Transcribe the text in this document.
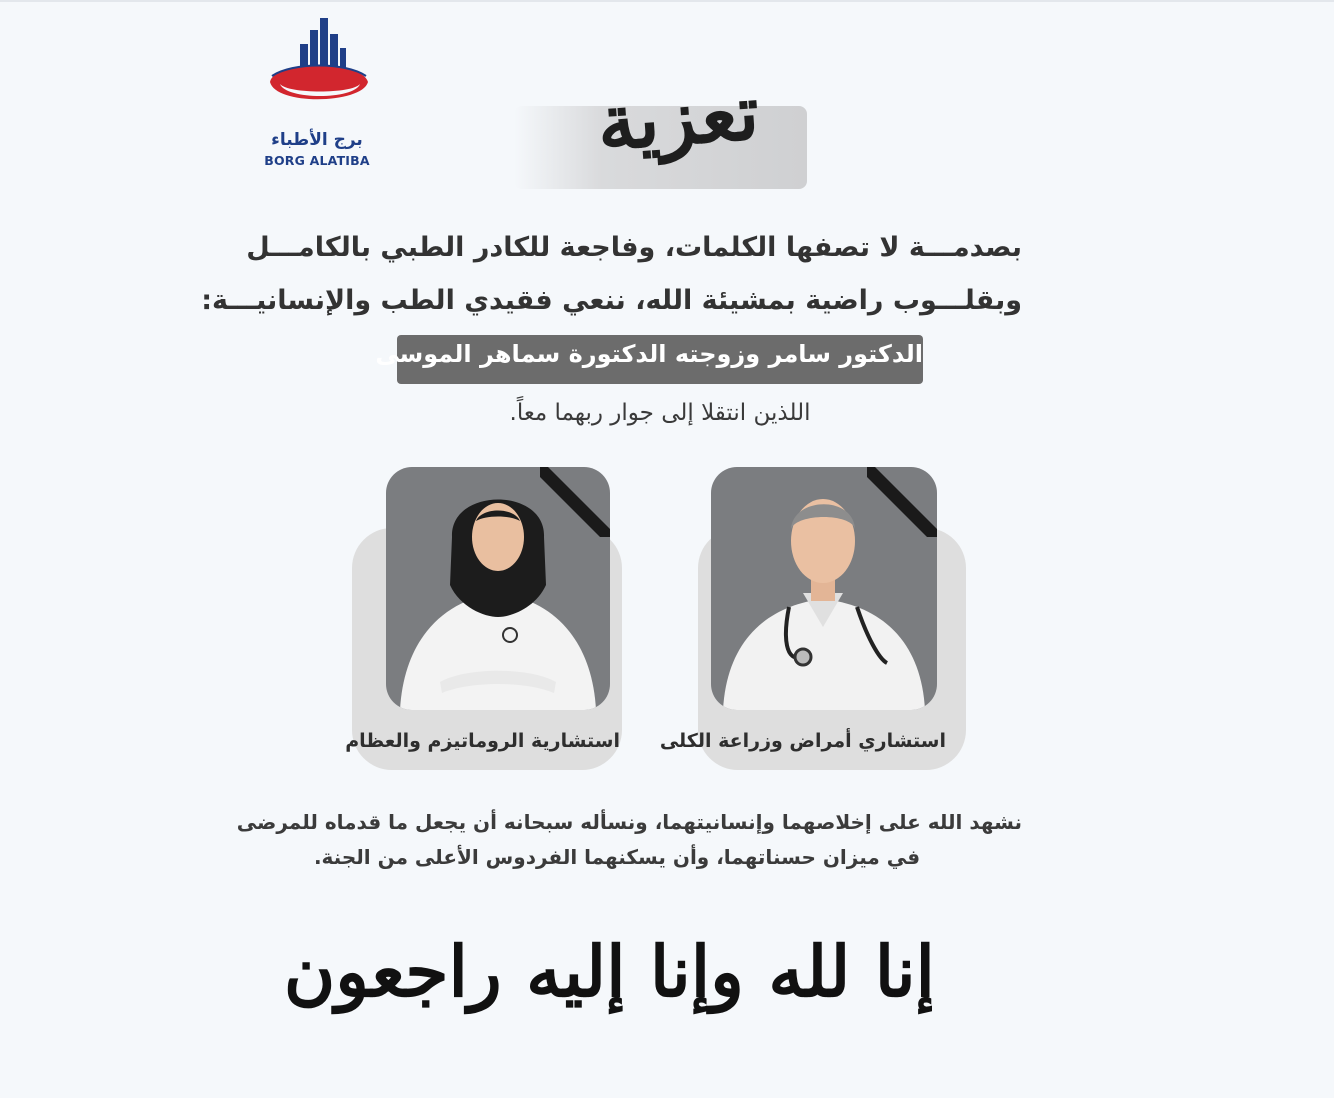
برج الأطباء
BORG ALATIBA	تعزية
بصدمـــة لا تصفها الكلمات، وفاجعة للكادر الطبي بالكامـــل
وبقلـــوب راضية بمشيئة الله، ننعي فقيدي الطب والإنسانيـــة:
الدكتور سامر وزوجته الدكتورة سماهر الموسى
اللذين انتقلا إلى جوار ربهما معاً.
استشاري أمراض وزراعة الكلى
استشارية الروماتيزم والعظام
نشهد الله على إخلاصهما وإنسانيتهما، ونسأله سبحانه أن يجعل ما قدماه للمرضى
في ميزان حسناتهما، وأن يسكنهما الفردوس الأعلى من الجنة.
إنا لله وإنا إليه راجعون
